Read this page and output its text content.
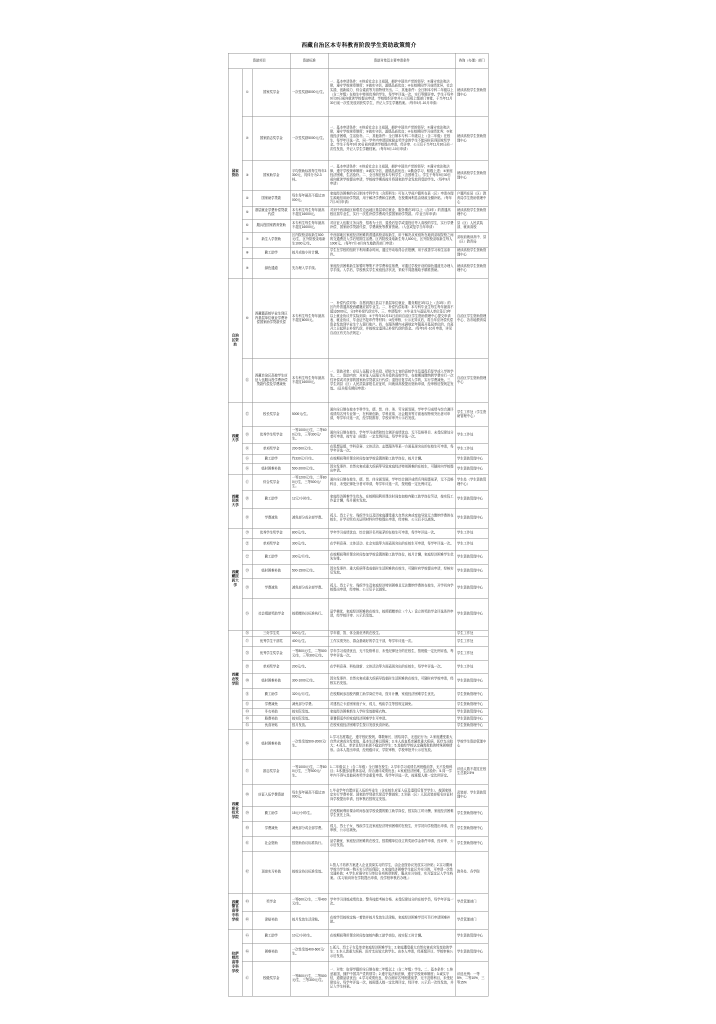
西藏自治区本专科教育阶段学生资助政策简介
资助项目			资助标准	资助对象及主要申请条件	咨询（办理）部门
国家资助	①	国家奖学金	一次性奖励8000元/生。	一、基本申请条件：①热爱社会主义祖国，拥护中国共产党的领导；②遵守宪法和法律，遵守学校规章制度；③诚实守信，道德品质优良；④在校期间学习成绩优异，社会实践、创新能力、综合素质等方面特别突出。二、其他条件：全日制本专科二年级以上（含二年级）在校生中特别优秀的学生，每学年评选一次，实行等额评审。学生于每年9月30日前向就读学校提出申请，学校组织评审并公示后报上级部门审批，于当年11月30日前一次性发放到获奖学生，并记入学生学籍档案。（每年9月-10月申请）	就读高校学生资助管理中心
	②	国家励志奖学金	一次性奖励5000元/生。	一、基本申请条件：①热爱社会主义祖国，拥护中国共产党的领导；②遵守宪法和法律，遵守学校规章制度；③诚实守信，道德品质优良；④在校期间学习成绩优秀；⑤家庭经济困难，生活俭朴。二、其他条件：全日制本专科二年级以上（含二年级）在校生，每学年评选一次，同一学年内申请国家励志奖学金的学生不能同时获得国家奖学金。学生于每年9月30日前向就读学校提出申请，经评审、公示后于当年11月30日前一次性发放，并记入学生学籍档案。（每年9月-10月申请）	就读高校学生资助管理中心
	③	国家助学金	平均资助标准每生每年3300元，具体分为2-3档。	一、基本申请条件：①热爱社会主义祖国，拥护中国共产党的领导；②遵守宪法和法律，遵守学校规章制度；③诚实守信，道德品质优良；④勤奋学习，积极上进；⑤家庭经济困难，生活俭朴。二、全日制在校本专科学生（含预科生）。学生于每年9月30日前向就读学校提出申请，学校按学期或按月将国家助学金发放到受助学生。（每年9月申请）	就读高校学生资助管理中心
	④	国家助学贷款	每生每年最高不超过16000元。	家庭经济困难的全日制本专科学生（含预科生）可在入学前户籍所在县（区）申请办理生源地信用助学贷款，用于解决学费和住宿费，在校期间利息由财政全额补贴。（每年7月-9月申请）	户籍所在县（区）教育局学生资助管理中心
	⑤	基层就业学费补偿贷款代偿	本专科生每生每年最高不超过16000元。	对到中西部地区和艰苦边远地区基层单位就业、服务期在3年以上（含3年）的普通高校应届毕业生，实行一次性补偿学费或代偿国家助学贷款。（毕业当年申请）	就读高校学生资助管理中心
	⑥	服兵役国家教育资助	本专科生每生每年最高不超过16000元。	对应征入伍服义务兵役、招收为士官、退役后复学或退役后考入高校的学生，实行学费补偿、国家助学贷款代偿、学费减免等教育资助。（入伍或复学当年申请）	县（区）人民武装部、就读高校
	⑦	新生入学资助	区内院校录取新生500元/生，区外院校录取新生1000元/生。	中西部地区家庭经济困难的普通高校录取新生，用于解决从家庭所在地到录取院校之间的交通费及入学后短期生活费。区内院校录取新生每人500元，区外院校录取新生每人1000元。（每年7月-8月向当地教育部门申请）	录取前就读高中、县（区）教育局
	⑧	勤工助学	按月或按小时计酬。	学生在学校的组织下利用课余时间，通过劳动取得合法报酬，用于改善学习和生活条件。	就读高校学生资助管理中心
	⑨	绿色通道	先办理入学手续。	家庭经济困难新生如暂时筹集不齐学费和住宿费，可通过学校开设的绿色通道先办理入学手续。入学后，学校核实学生家庭经济状况，采取不同措施给予精准资助。	就读高校学生资助管理中心
自治区资助	⑩	西藏籍高校毕业生到区内基层单位就业学费补偿国家助学贷款代偿	本专科生每生每年最高不超过6000元。	一、补偿代偿对象：自愿到我区县以下基层单位就业、服务期在3年以上（含3年）的区内外普通高校西藏籍应届毕业生。二、补偿代偿标准：本专科毕业生每生每年最高不超过6000元，分3年补偿代偿完毕。三、申请程序：①毕业生与基层用人单位签订3年以上就业协议并实际到岗；②于每年10月31日前向自治区学生资助管理中心提交申请表、就业协议、毕业证书复印件等材料；③经审核、公示无异议后，将当年应补偿代偿资金发放到毕业生个人银行账户。四、在服务期内未满规定年限离开基层单位的，自离开之日起停止补偿代偿，并按规定退回已补偿代偿的资金。（每年9月-10月申请，详见自治区有关办法规定）	自治区学生资助管理中心、各市地教育局
	⑪	西藏自治区高校学生应征入伍服兵役学费补偿贷款代偿及学费减免	本专科生每生每年最高不超过16000元。	一、资助对象：应征入伍服义务兵役、招收为士官的高校学生及退役后复学或入学的学生。二、资助内容：对应征入伍服义务兵役的高校学生，在校期间缴纳的学费实行一次性补偿或对获得的国家助学贷款实行代偿；退役后复学或入学的，实行学费减免。三、学生到县（区）人民武装部报名应征时，向就读高校提出资助申请，经审核后按规定发放。（征兵报名期间申请）	自治区学生资助管理中心
西藏大学	⑫	校长奖学金	5000元/生。	面向全日制在校本专科学生，德、智、体、美、劳全面发展，学年学习成绩与综合测评成绩均名列专业第一，在科研创新、学科竞赛、社会服务等方面表现特别突出者可申请，每学年评选一次，经学院推荐、学校评审并公示后发放。	学生工作处（学生资助管理中心）
	⑬	优秀学生奖学金	一等1000元/生，二等600元/生，三等300元/生。	面向全日制在校生，学年学习成绩和综合测评成绩优良、无不及格科目、未受纪律处分者可申请，按专业（班级）一定比例评选，每学年评选一次。	学生工作处
	⑭	单项奖学金	200-500元/生。	在思想品德、学科竞赛、文体活动、志愿服务等某一方面表现突出的在校生可申请，每学年评选一次。	学生工作处
	⑮	勤工助学	约330元/月/生。	在校期间利用课余时间参加学校设置的勤工助学岗位，按月计酬。	学生资助管理中心
	⑯	临时困难补助	500-2000元/生。	因突发事件、自然灾害或重大疾病等导致家庭经济特别困难的在校生，可随时向学校提出申请。	学生资助管理中心
西藏民族大学	⑰	综合奖学金	一等1200元/生，二等800元/生，三等500元/生。	面向全日制在校生，德、智、体全面发展，学年综合测评成绩名列班级前茅，无不及格科目、未受纪律处分者可申请，每学年评选一次，按班级一定比例评定。	学生处（学生资助管理中心）
	⑱	勤工助学	12元/小时/生。	家庭经济困难学生优先，在校期间利用课余时间参加校内勤工助学岗位劳动，按实际工作量计酬，每月据实发放。	学生资助管理中心
	⑲	学费减免	减免部分或全部学费。	孤儿、烈士子女、残疾学生以及因家庭遭受重大自然灾害或变故导致无力缴纳学费的在校生，开学初凭有关证明材料向学校提出申请，经审核、公示后予以减免。	学生资助管理中心
西藏藏医药大学	⑳	优秀学生奖学金	800元/生。	学年学习成绩优良、综合测评名列前茅的在校生可申请，每学年评选一次。	学生工作处
	㉑	单项奖学金	300元/生。	在学科竞赛、文体活动、社会实践等方面表现突出的在校生可申请，每学年评选一次。	学生工作处
	㉒	勤工助学	300元/月/生。	在校期间利用课余时间参加学校设置的勤工助学岗位，按月计酬，家庭经济困难学生优先安排。	学生资助管理中心
	㉓	临时困难补助	500-1500元/生。	因突发事件、重大疾病等造成临时生活困难的在校生，可随时向学校提出申请，经核实后发放。	学生资助管理中心
	㉔	学费减免	减免部分或全部学费。	孤儿、烈士子女、残疾学生及家庭经济特别困难且无法缴纳学费的在校生，开学初向学校提出申请，经审核、公示后予以减免。	学生资助管理中心
	㉕	社会捐助奖助学金	按捐赠协议标准执行。	品学兼优、家庭经济困难的在校生，按照捐赠单位（个人）设立的奖助学金评选条件申请，经学校评审、公示后发放。	学生资助管理中心
西藏农牧学院	㉖	三好学生奖	500元/生。	学年德、智、体全面优秀的在校生。	学生工作处
	㉗	优秀学生干部奖	400元/生。	工作实绩突出、群众基础好的学生干部，每学年评选一次。	学生工作处
	㉘	优秀学生奖学金	一等800元/生，二等500元/生，三等300元/生。	学年学习成绩优良、无不及格科目、未受纪律处分的在校生，按班级一定比例评选，每学年评选一次。	学生工作处
	㉙	单项奖学金	200元/生。	在学科竞赛、科技创新、文体活动等方面表现突出的在校生，每学年评选一次。	学生工作处
	㉚	临时困难补助	300-1000元/生。	因突发事件、自然灾害或重大疾病导致临时生活困难的在校生，可随时向学校申请，经核实后发放。	学生资助管理中心
	㉛	勤工助学	320元/月/生。	在校期间参加校内勤工助学岗位劳动，按月计酬，家庭经济困难学生优先。	学生资助管理中心
	㉜	学费减免	减免部分学费。	对建档立卡贫困家庭子女、孤儿、残疾学生等按规定减免。	学生资助管理中心
	㉝	冬衣补助	按实际发放。	家庭经济困难新生入学时发放御寒衣物。	学生资助管理中心
	㉞	路费补助	按实际发放。	寒暑假返乡的家庭经济困难学生可申请。	学生资助管理中心
	㉟	伙食补贴	按月发放。	在校家庭经济困难学生按月发放伙食补贴。	学生资助管理中心
西藏职业技术学院	㊱	临时困难补助	一次性发放500-2000元/生。	1.学习态度端正，遵守校纪校规，尊敬师长、团结同学，无违纪行为；2.家庭遭受重大自然灾害或突发变故，基本生活难以保障；3.本人或直系亲属患重大疾病，医疗支出较大；4.孤儿、单亲且经济来源不稳定的学生；5.其他经学校认定确需救助的特殊困难情形。由本人提出申请，经班级评议、学院审核、学校审批并公示后发放。	学校学生资助管理中心
	㊲	励志奖学金	一等1000元/生，二等800元/生，三等500元/生。	1.二年级以上（含二年级）全日制在校生；2.学年学习成绩名列班级前茅，无不及格科目；3.积极参加集体活动，综合测评成绩优良；4.家庭经济困难，生活俭朴；5.同一学年内不得与其他同类奖学金重复申请。每学年评选一次，按班级人数一定比例评定。	评选人数不超过在校生总数2.5%
	㊳	应征入伍学费资助	每生每年最高不超过16000元。	1.毕业学年自愿应征入伍的毕业生（含在校生应征入伍及退役后复学学生），按国家规定实行学费补偿、国家助学贷款代偿及学费减免；2.到县（区）人民武装部报名应征时向学校提出申请，经审核后按规定发放。	武装部、学生资助管理中心
	㊴	勤工助学	15元/小时/生。	在校期间利用课余时间参加学校设置的勤工助学岗位，按实际工时计酬，家庭经济困难学生优先上岗。	学生资助管理中心
	㊵	学费减免	减免部分或全部学费。	孤儿、烈士子女、残疾学生及家庭经济特别困难的在校生，开学初向学校提出申请，经审核、公示后减免。	学生资助管理中心
	㊶	社会资助	按资助协议标准执行。	品学兼优、家庭经济困难的在校生，按捐赠单位设立的奖助学金条件申请，经评审、公示后发放。	学生资助管理中心
	㊷	顶岗实习补助	按校企协议标准发放。	1.按人才培养方案进入企业顶岗实习的学生，由企业按协议发放实习补贴；2.实习期间学校为学生统一购买实习责任保险；3.家庭经济困难学生赴区外实习的，可申请一次性交通补助；4.学生应遵守实习单位各项规章制度，服从实习安排，实习鉴定记入学生档案。（实习前向所在学院提出申请，经学校审核后办理。）	教务处、各学院
西藏警官高等专科学校	㊸	奖学金	一等600元/生，二等400元/生。	学年学习训练成绩优良、警务技能考核合格、未受纪律处分的在校学员，每学年评选一次。	学员管理部门
	㊹	津贴补助	按月发放生活津贴。	在校学员按规定统一着装并按月发放生活津贴，家庭经济困难学员可另行申请困难补助。	学员管理部门
拉萨师范高等专科学校	㊺	勤工助学	10元/小时/生。	在校期间利用课余时间参加校内勤工助学岗位，按实际工时计酬。	学生资助管理中心
	㊻	困难补助	一次性发放400-600元/生。	1.孤儿、烈士子女及单亲家庭经济困难学生；2.家庭遭受重大自然灾害或突发变故的学生；3.本人患重大疾病、医疗支出较大的学生。由本人申请，经班级评议、学校审核公示后发放。	学生资助管理中心
	㊼	校级奖学金	一等800元/生，二等500元/生，三等300元/生。	一、对象：取得学籍的全日制在校二年级以上（含二年级）学生。二、基本条件：1.热爱祖国，拥护中国共产党的领导；2.遵守宪法和法律，遵守学校规章制度；3.诚实守信，道德品质优良；4.学习成绩优良，综合测评名列班级前茅，无不及格科目，未受纪律处分。每学年评选一次，按班级人数一定比例评定，经评审、公示后一次性发放，并记入学生档案。	评选比例：一等5%、二等10%、三等15%
